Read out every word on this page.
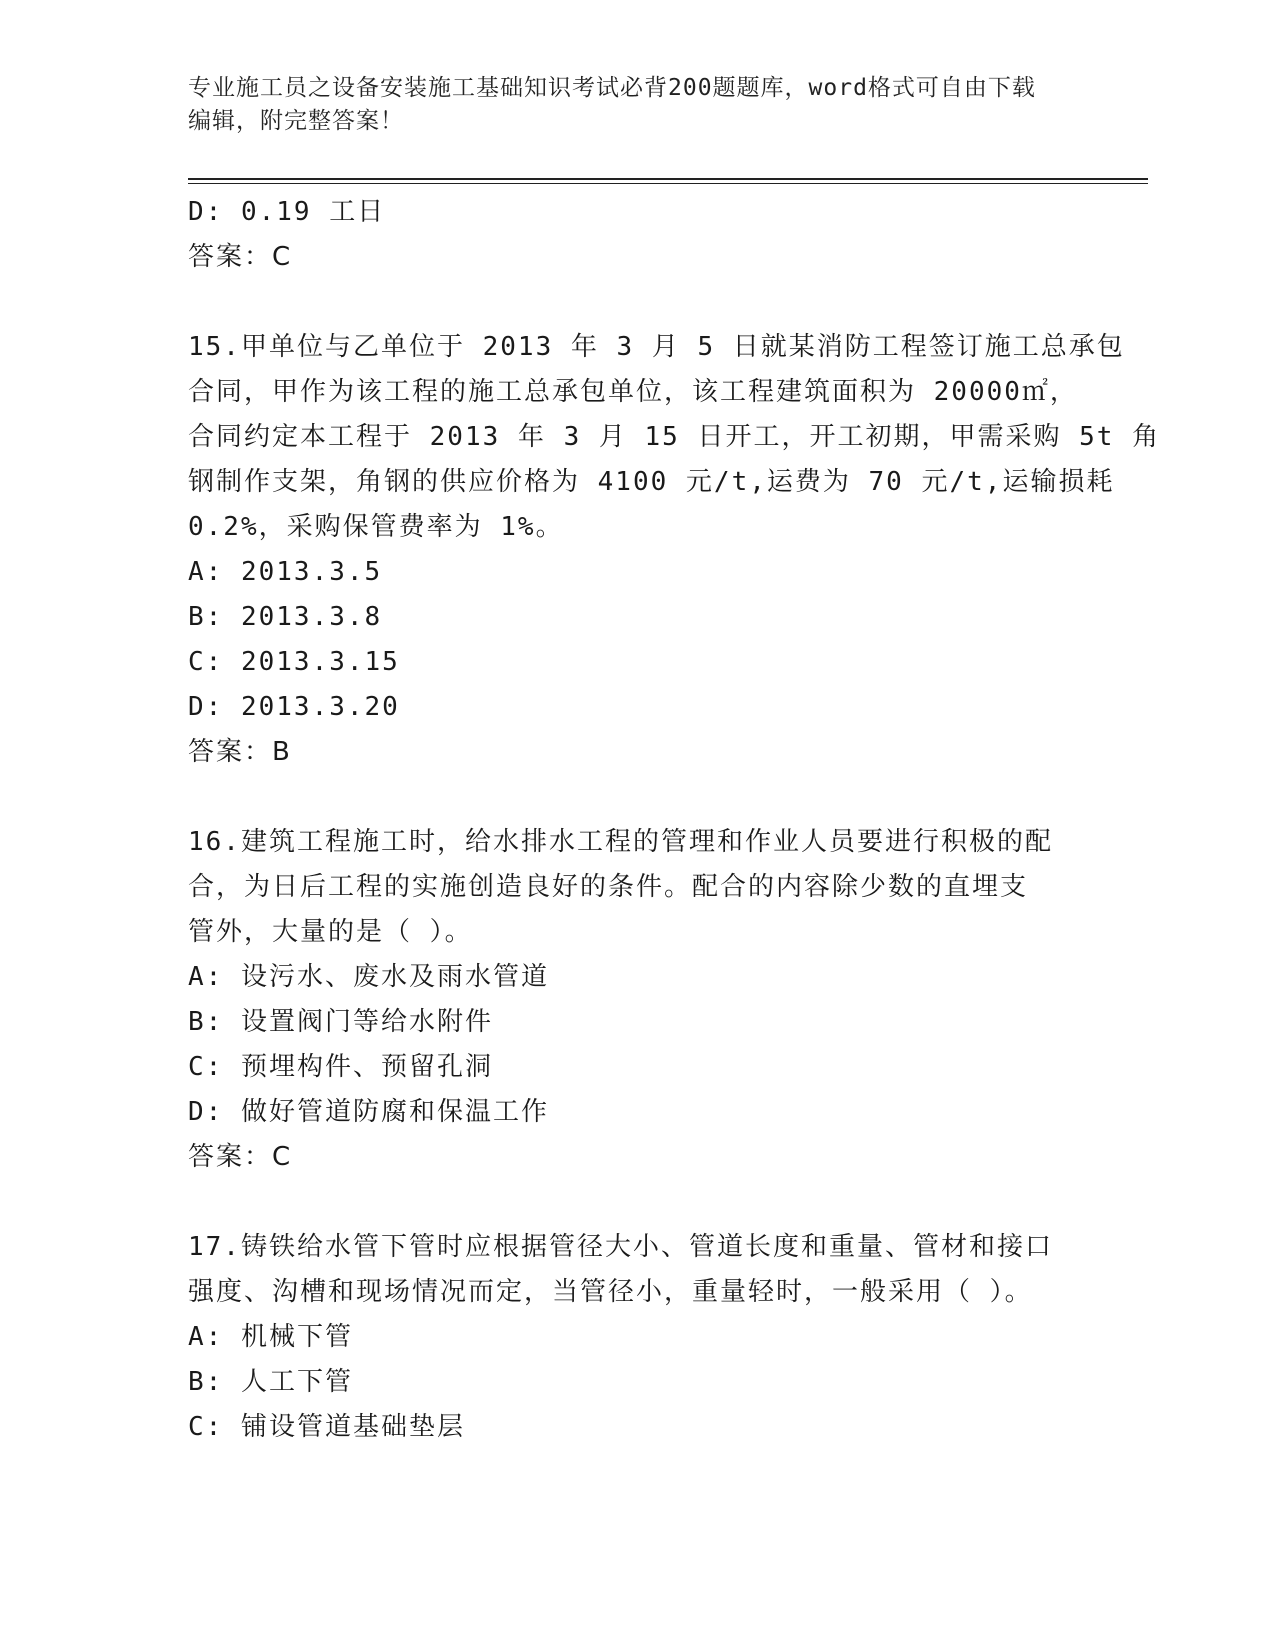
专业施工员之设备安装施工基础知识考试必背200题题库，word格式可自由下载
编辑，附完整答案！
D: 0.19 工日
答案：C
15.甲单位与乙单位于 2013 年 3 月 5 日就某消防工程签订施工总承包
合同，甲作为该工程的施工总承包单位，该工程建筑面积为 20000㎡，
合同约定本工程于 2013 年 3 月 15 日开工，开工初期，甲需采购 5t 角
钢制作支架，角钢的供应价格为 4100 元/t,运费为 70 元/t,运输损耗
0.2%，采购保管费率为 1%。
A: 2013.3.5
B: 2013.3.8
C: 2013.3.15
D: 2013.3.20
答案：B
16.建筑工程施工时，给水排水工程的管理和作业人员要进行积极的配
合，为日后工程的实施创造良好的条件。配合的内容除少数的直埋支
管外，大量的是（ ）。
A: 设污水、废水及雨水管道
B: 设置阀门等给水附件
C: 预埋构件、预留孔洞
D: 做好管道防腐和保温工作
答案：C
17.铸铁给水管下管时应根据管径大小、管道长度和重量、管材和接口
强度、沟槽和现场情况而定，当管径小，重量轻时，一般采用（ ）。
A: 机械下管
B: 人工下管
C: 铺设管道基础垫层
